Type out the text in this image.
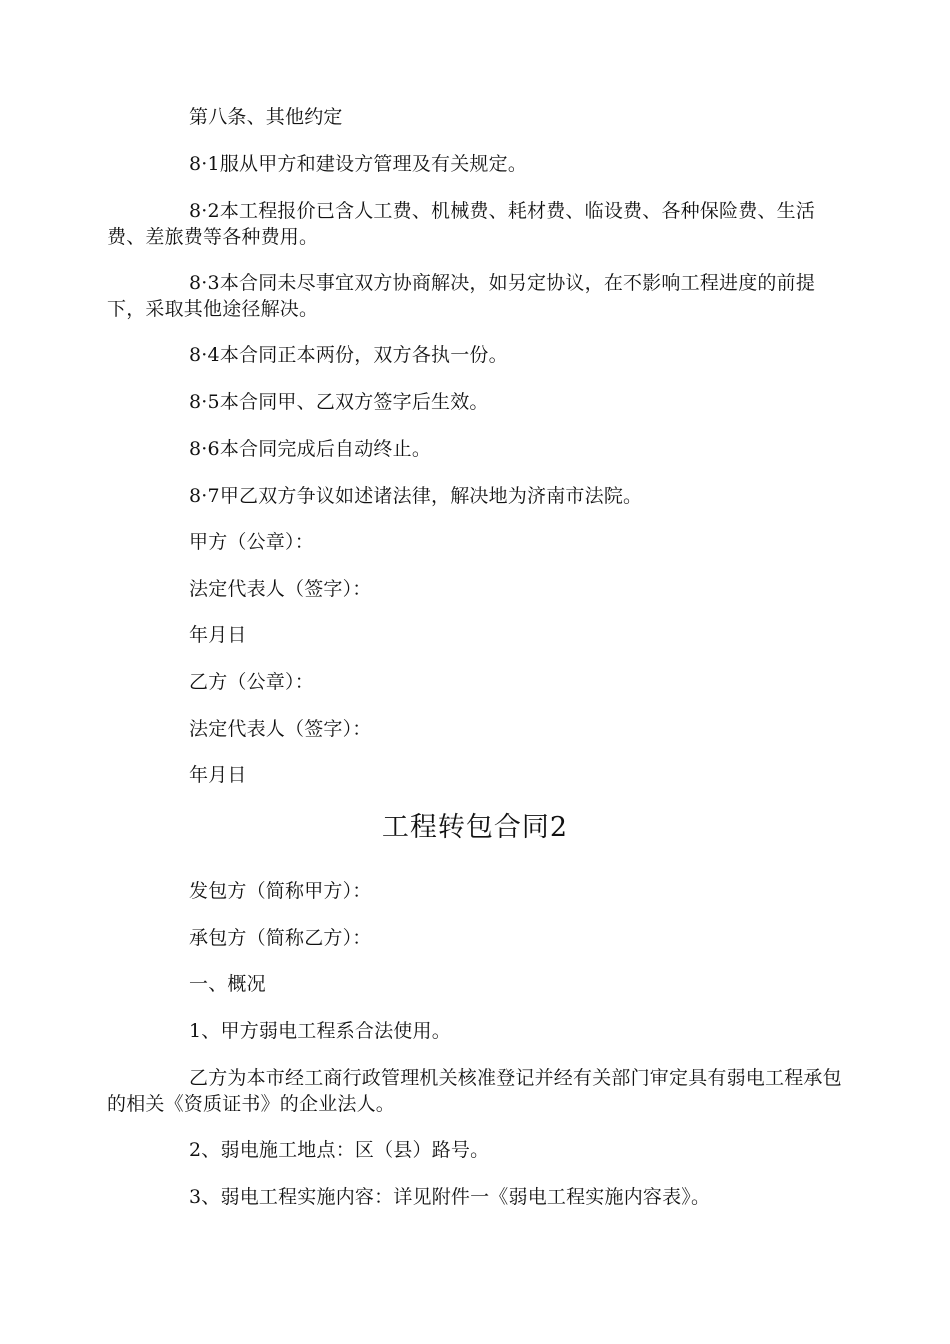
第八条、其他约定

8·1服从甲方和建设方管理及有关规定。

8·2本工程报价已含人工费、机械费、耗材费、临设费、各种保险费、生活费、差旅费等各种费用。

8·3本合同未尽事宜双方协商解决，如另定协议，在不影响工程进度的前提下，采取其他途径解决。

8·4本合同正本两份，双方各执一份。

8·5本合同甲、乙双方签字后生效。

8·6本合同完成后自动终止。

8·7甲乙双方争议如述诸法律，解决地为济南市法院。

甲方（公章）：

法定代表人（签字）：

年月日

乙方（公章）：

法定代表人（签字）：

年月日

工程转包合同2

发包方（简称甲方）：

承包方（简称乙方）：

一、概况

1、甲方弱电工程系合法使用。

乙方为本市经工商行政管理机关核准登记并经有关部门审定具有弱电工程承包的相关《资质证书》的企业法人。

2、弱电施工地点：区（县）路号。

3、弱电工程实施内容：详见附件一《弱电工程实施内容表》。
